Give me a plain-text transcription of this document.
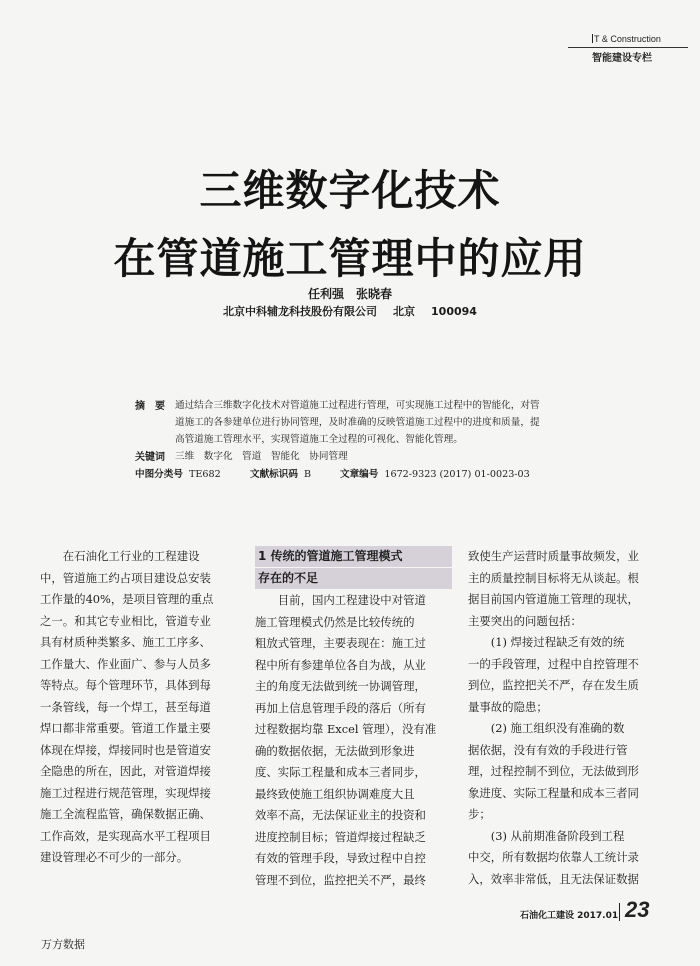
T & Construction
智能建设专栏
三维数字化技术
在管道施工管理中的应用
任利强　张晓春
北京中科辅龙科技股份有限公司 北京 100094
摘　要 通过结合三维数字化技术对管道施工过程进行管理，可实现施工过程中的智能化，对管
道施工的各参建单位进行协同管理，及时准确的反映管道施工过程中的进度和质量，提
高管道施工管理水平，实现管道施工全过程的可视化、智能化管理。
关键词 三维　数字化　管道　智能化　协同管理
中图分类号 TE682	文献标识码 B	文章编号 1672-9323 (2017) 01-0023-03
　　在石油化工行业的工程建设
中，管道施工约占项目建设总安装
工作量的40%，是项目管理的重点
之一。和其它专业相比，管道专业
具有材质种类繁多、施工工序多、
工作量大、作业面广、参与人员多
等特点。每个管理环节，具体到每
一条管线，每一个焊工，甚至每道
焊口都非常重要。管道工作量主要
体现在焊接，焊接同时也是管道安
全隐患的所在，因此，对管道焊接
施工过程进行规范管理，实现焊接
施工全流程监管，确保数据正确、
工作高效，是实现高水平工程项目
建设管理必不可少的一部分。
1 传统的管道施工管理模式
存在的不足
　　目前，国内工程建设中对管道
施工管理模式仍然是比较传统的
粗放式管理，主要表现在：施工过
程中所有参建单位各自为战，从业
主的角度无法做到统一协调管理，
再加上信息管理手段的落后（所有
过程数据均靠 Excel 管理），没有准
确的数据依据，无法做到形象进
度、实际工程量和成本三者同步，
最终致使施工组织协调难度大且
效率不高，无法保证业主的投资和
进度控制目标；管道焊接过程缺乏
有效的管理手段，导致过程中自控
管理不到位，监控把关不严，最终
致使生产运营时质量事故频发，业
主的质量控制目标将无从谈起。根
据目前国内管道施工管理的现状，
主要突出的问题包括：
　　(1) 焊接过程缺乏有效的统
一的手段管理，过程中自控管理不
到位，监控把关不严，存在发生质
量事故的隐患；
　　(2) 施工组织没有准确的数
据依据，没有有效的手段进行管
理，过程控制不到位，无法做到形
象进度、实际工程量和成本三者同
步；
　　(3) 从前期准备阶段到工程
中交，所有数据均依靠人工统计录
入，效率非常低，且无法保证数据
石油化工建设 2017.01 23
万方数据
